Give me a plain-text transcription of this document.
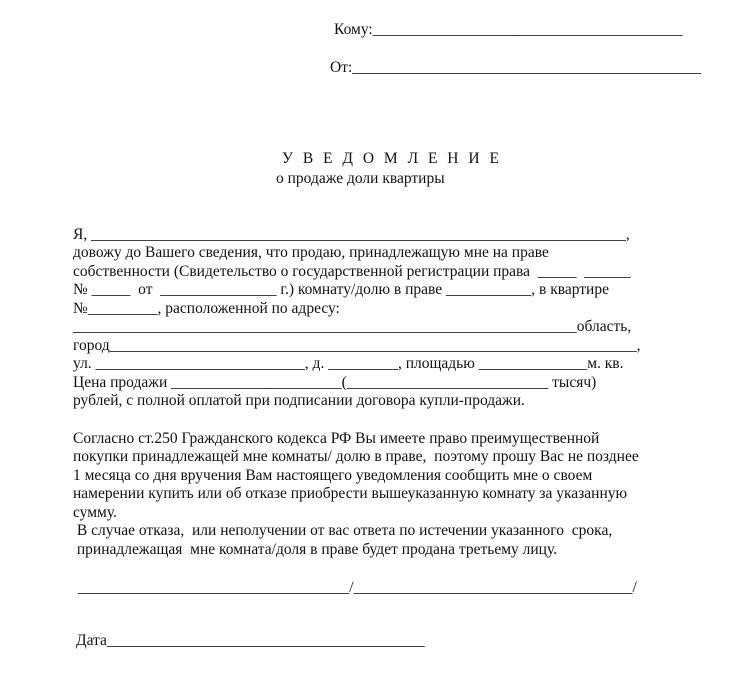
Кому:________________________________________
От:_____________________________________________
У В Е Д О М Л Е Н И Е
о продаже доли квартиры
Я, _____________________________________________________________________,
довожу до Вашего сведения, что продаю, принадлежащую мне на праве
собственности (Свидетельство о государственной регистрации права  _____  ______
№ _____  от  _______________ г.) комнату/долю в праве ___________, в квартире
№_________, расположенной по адресу:
_________________________________________________________________область,
город____________________________________________________________________,
ул. ___________________________, д. _________, площадью ______________м. кв.
Цена продажи ______________________(__________________________ тысяч)
рублей, с полной оплатой при подписании договора купли-продажи.
Согласно ст.250 Гражданского кодекса РФ Вы имеете право преимущественной
покупки принадлежащей мне комнаты/ долю в праве,  поэтому прошу Вас не позднее
1 месяца со дня вручения Вам настоящего уведомления сообщить мне о своем
намерении купить или об отказе приобрести вышеуказанную комнату за указанную
сумму.
В случае отказа,  или неполучении от вас ответа по истечении указанного  срока,
принадлежащая  мне комната/доля в праве будет продана третьему лицу.
___________________________________/____________________________________/
Дата_________________________________________
